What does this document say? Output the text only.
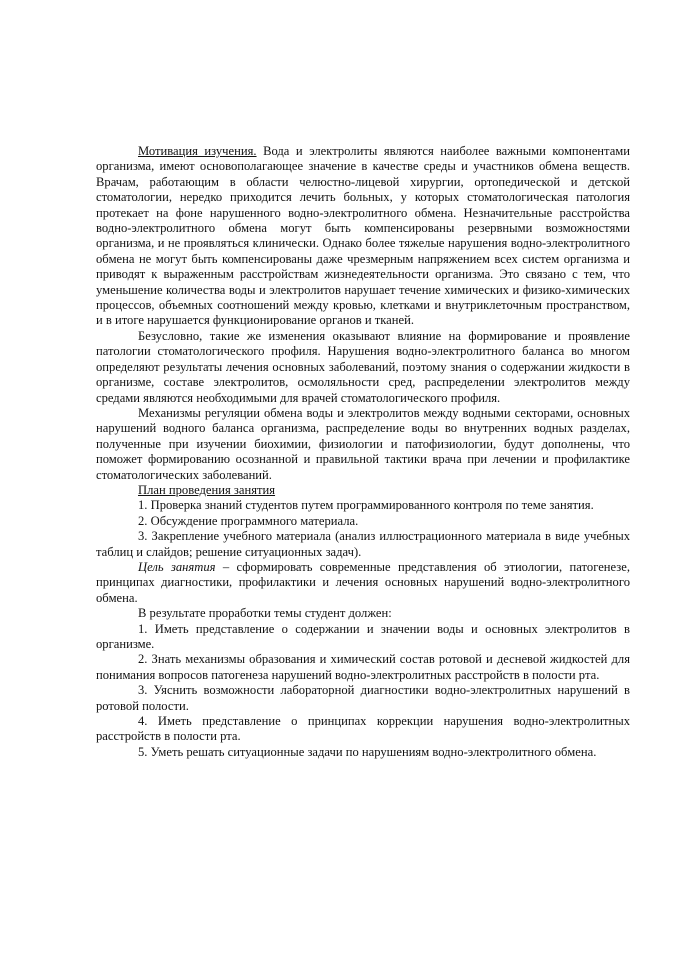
Мотивация изучения. Вода и электролиты являются наиболее важными компонентами организма, имеют основополагающее значение в качестве среды и участников обмена веществ. Врачам, работающим в области челюстно-лицевой хирургии, ортопедической и детской стоматологии, нередко приходится лечить больных, у которых стоматологическая патология протекает на фоне нарушенного водно-электролитного обмена. Незначительные расстройства водно-электролитного обмена могут быть компенсированы резервными возможностями организма, и не проявляться клинически. Однако более тяжелые нарушения водно-электролитного обмена не могут быть компенсированы даже чрезмерным напряжением всех систем организма и приводят к выраженным расстройствам жизнедеятельности организма. Это связано с тем, что уменьшение количества воды и электролитов нарушает течение химических и физико-химических процессов, объемных соотношений между кровью, клетками и внутриклеточным пространством, и в итоге нарушается функционирование органов и тканей.

Безусловно, такие же изменения оказывают влияние на формирование и проявление патологии стоматологического профиля. Нарушения водно-электролитного баланса во многом определяют результаты лечения основных заболеваний, поэтому знания о содержании жидкости в организме, составе электролитов, осмоляльности сред, распределении электролитов между средами являются необходимыми для врачей стоматологического профиля.

Механизмы регуляции обмена воды и электролитов между водными секторами, основных нарушений водного баланса организма, распределение воды во внутренних водных разделах, полученные при изучении биохимии, физиологии и патофизиологии, будут дополнены, что поможет формированию осознанной и правильной тактики врача при лечении и профилактике стоматологических заболеваний.

План проведения занятия

1. Проверка знаний студентов путем программированного контроля по теме занятия.

2. Обсуждение программного материала.

3. Закрепление учебного материала (анализ иллюстрационного материала в виде учебных таблиц и слайдов; решение ситуационных задач).

Цель занятия – сформировать современные представления об этиологии, патогенезе, принципах диагностики, профилактики и лечения основных нарушений водно-электролитного обмена.

В результате проработки темы студент должен:

1. Иметь представление о содержании и значении воды и основных электролитов в организме.

2. Знать механизмы образования и химический состав ротовой и десневой жидкостей для понимания вопросов патогенеза нарушений водно-электролитных расстройств в полости рта.

3. Уяснить возможности лабораторной диагностики водно-электролитных нарушений в ротовой полости.

4. Иметь представление о принципах коррекции нарушения водно-электролитных расстройств в полости рта.

5. Уметь решать ситуационные задачи по нарушениям водно-электролитного обмена.
